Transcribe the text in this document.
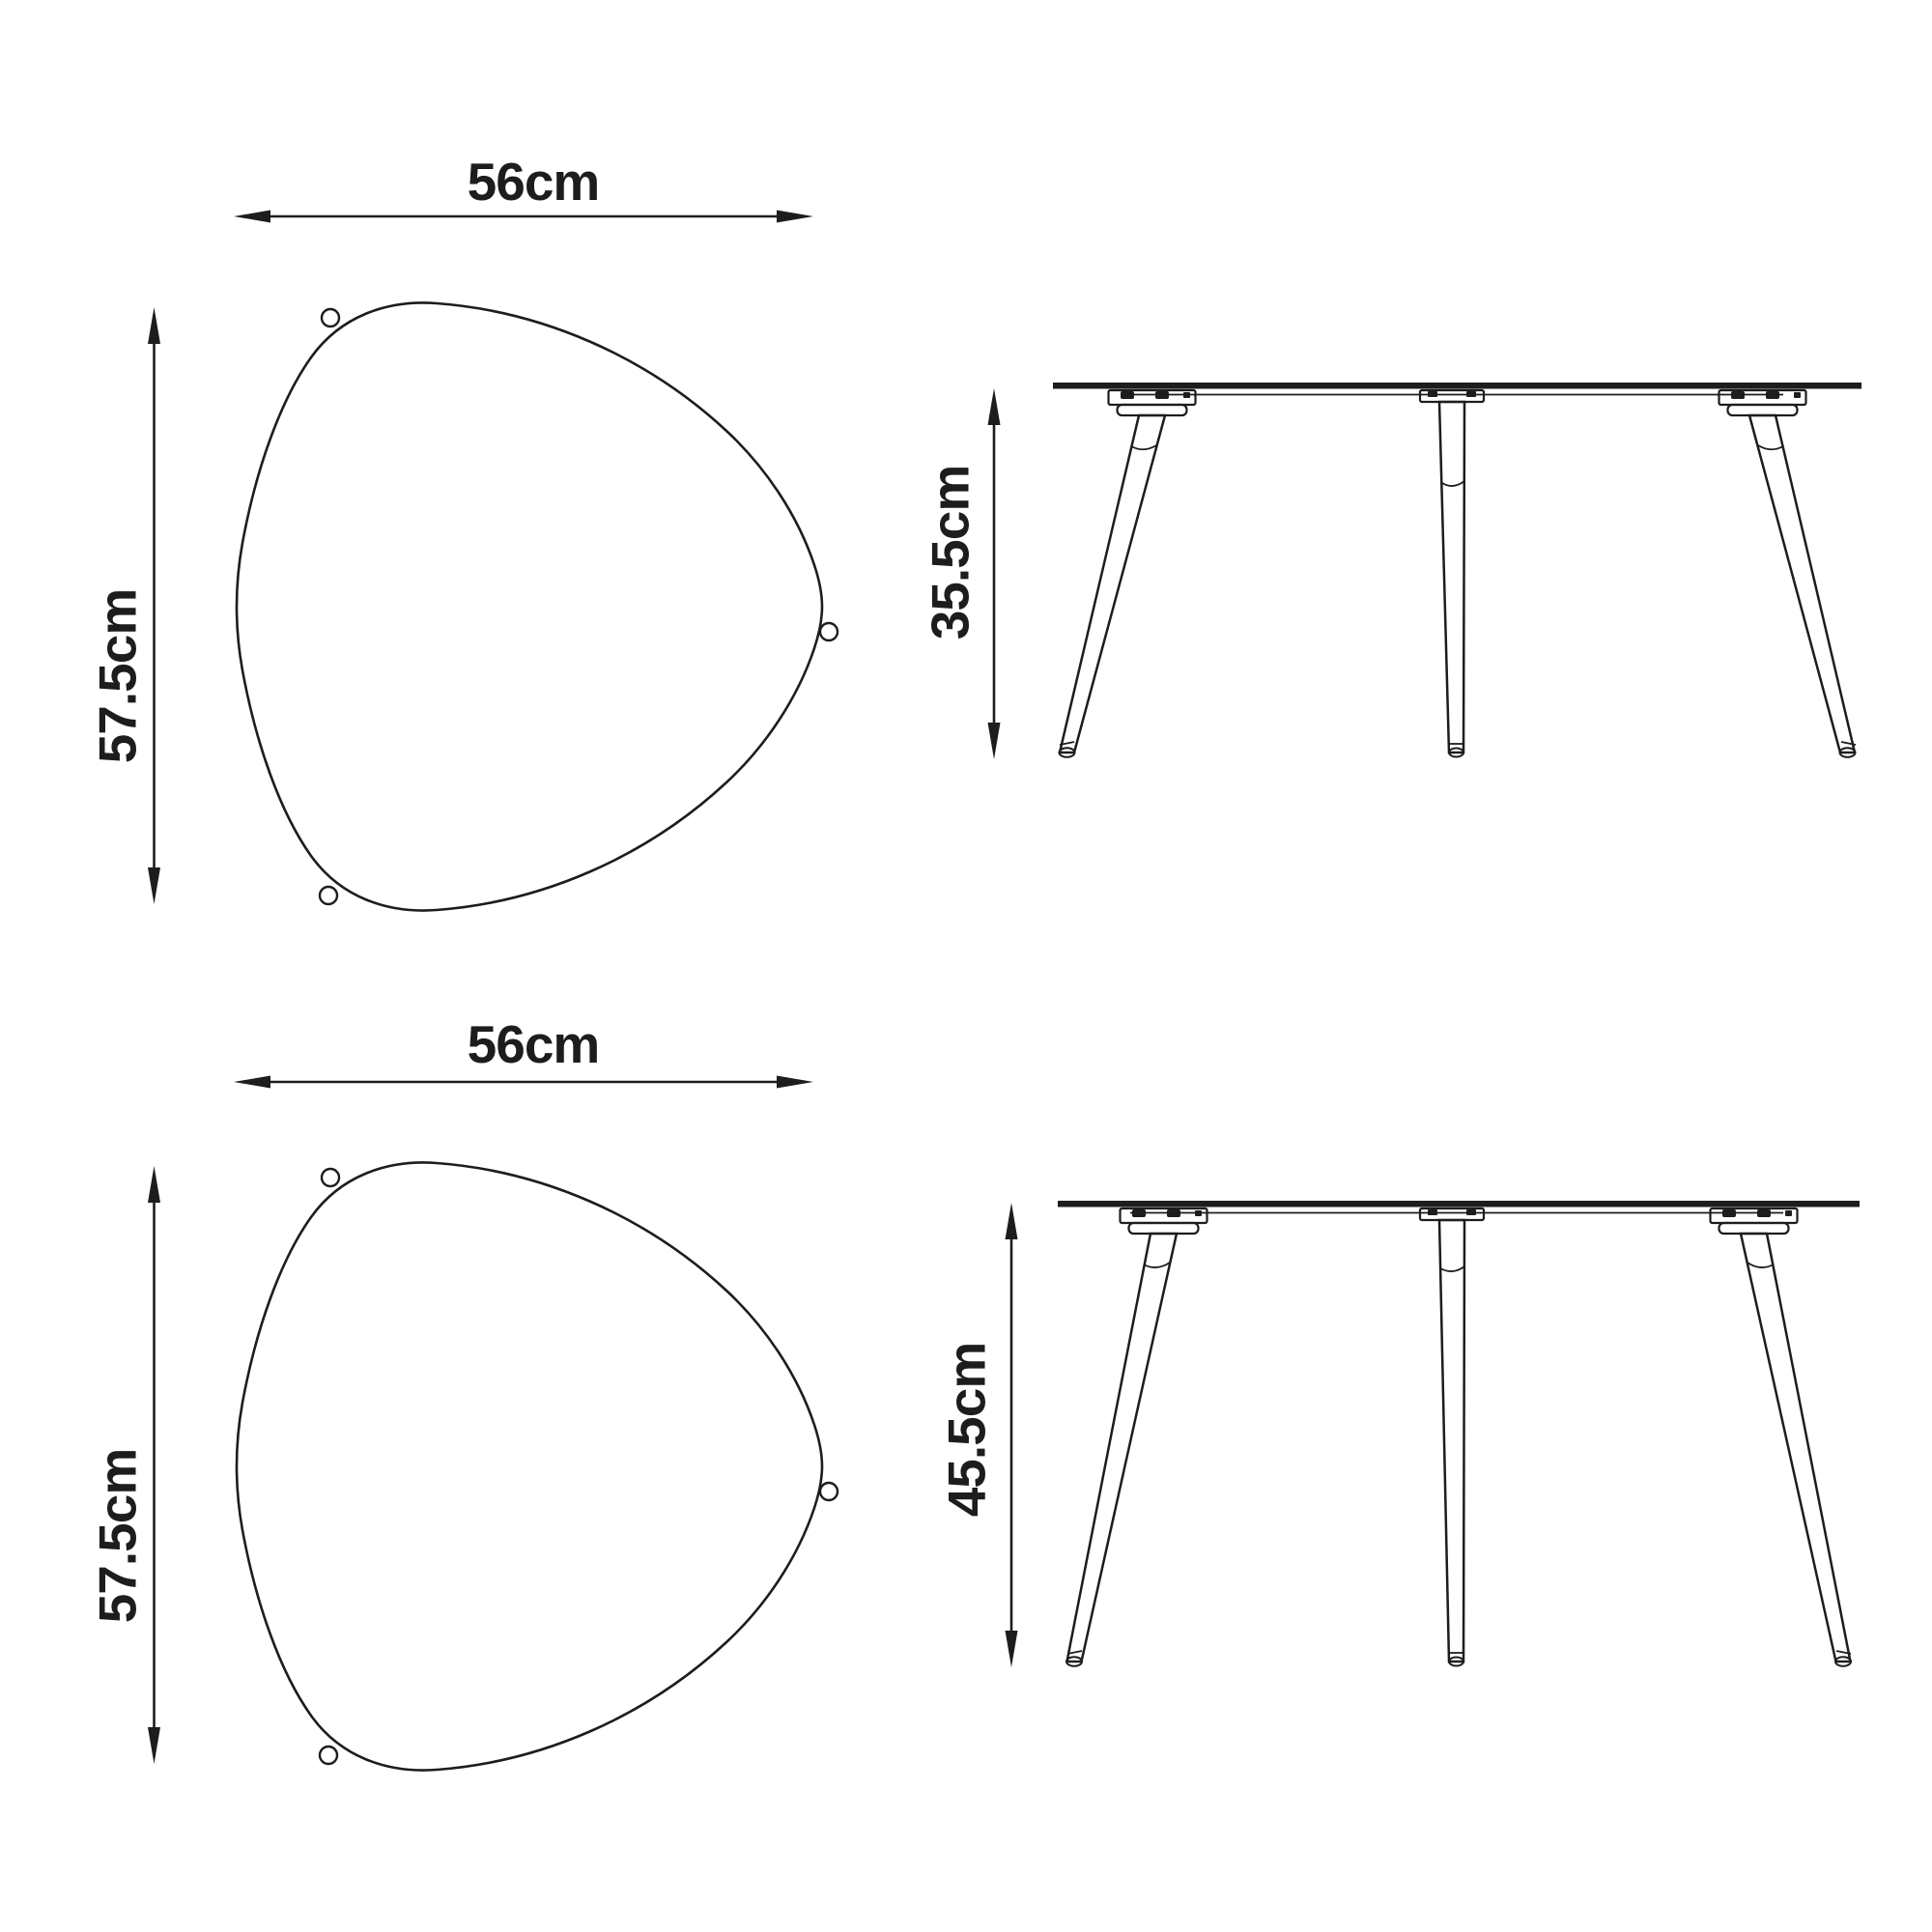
56cm
57.5cm
35.5cm
56cm
57.5cm
45.5cm
